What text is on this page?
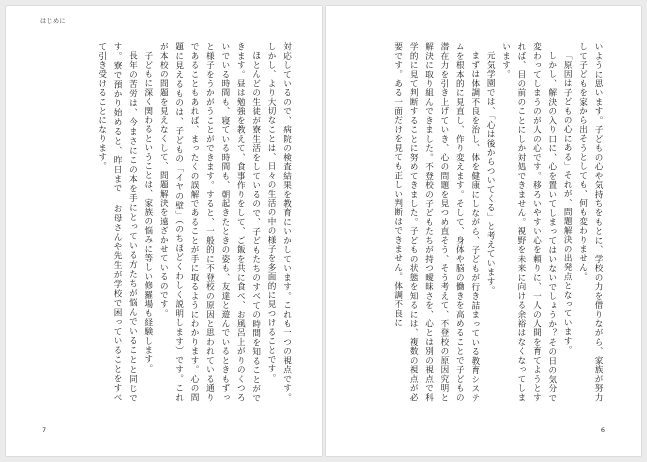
はじめに

対応しているので、病院の検査結果を教育にいかしています。これも一つの視点です。しかし、より大切なことは、日々の生活の中の様子を多面的に見つけることです。

ほとんどの生徒が寮生活をしているので、子どもたちのすべての時間を知ることができます。昼は勉強を教えて、食事作りをして、ご飯を共に食べ、お風呂上がりのくつろいでいる時間も、寝ている時間も、朝起きたときの姿も、友達と遊んでいるときもずっと様子をうかがうことができます。すると、一般的に不登校の原因と思われている通りであることもあれば、まったくの誤解であることが手に取るようにわかります。心の問題に見えるものは、子どもの「イヤの壁」（のちほどくわしく説明します）です。これが本校の問題を見えなくして、問題解決を遠ざかせているのです。

子どもに深く関わるということは、家族の悩みに等しい修羅場も経験します。

長年の苦労は、今まさにこの本を手にとっている方たちが悩んでいることと同じです。寮で預かり始めると、昨日まで お母さんや先生が学校で困っていることをすべて引き受けることになります。

7

いように思います。子どもの心や気持ちをもとに、学校の力を借りながら、家族が努力して子どもを家から出そうとしても、何も変わりません。

「原因は子どもの心にある」それが、問題解決の出発点となっています。

しかし、解決の入り口に、心を置いてしまってはいないでしょうか？その日の気分で変わってしまうのが人の心です。移ろいやすい心を頼りに、一人の人間を育てようとすれば、目の前のことにしか対処できません。視野を未来に向ける余裕はなくなってしまいます。

元気学園では、「心は後からついてくる」と考えています。

まずは体調不良を治し、体を健康にしながら、子どもが行き詰まっている教育システムを根本的に見直し、作り変えます。そして、身体や脳の働きを高めることで子どもの潜在力を引き上げていき、心の問題を見つめ直そう、そう考えて、不登校の原因究明と解決に取り組んできました。不登校の子どもたちが持つ曖昧さを、心とは別の視点で科学的に見て判断することに努めてきました。子どもの状態を知るには、複数の視点が必要です。ある一面だけを見ても正しい判断はできません。体調不良に

6
